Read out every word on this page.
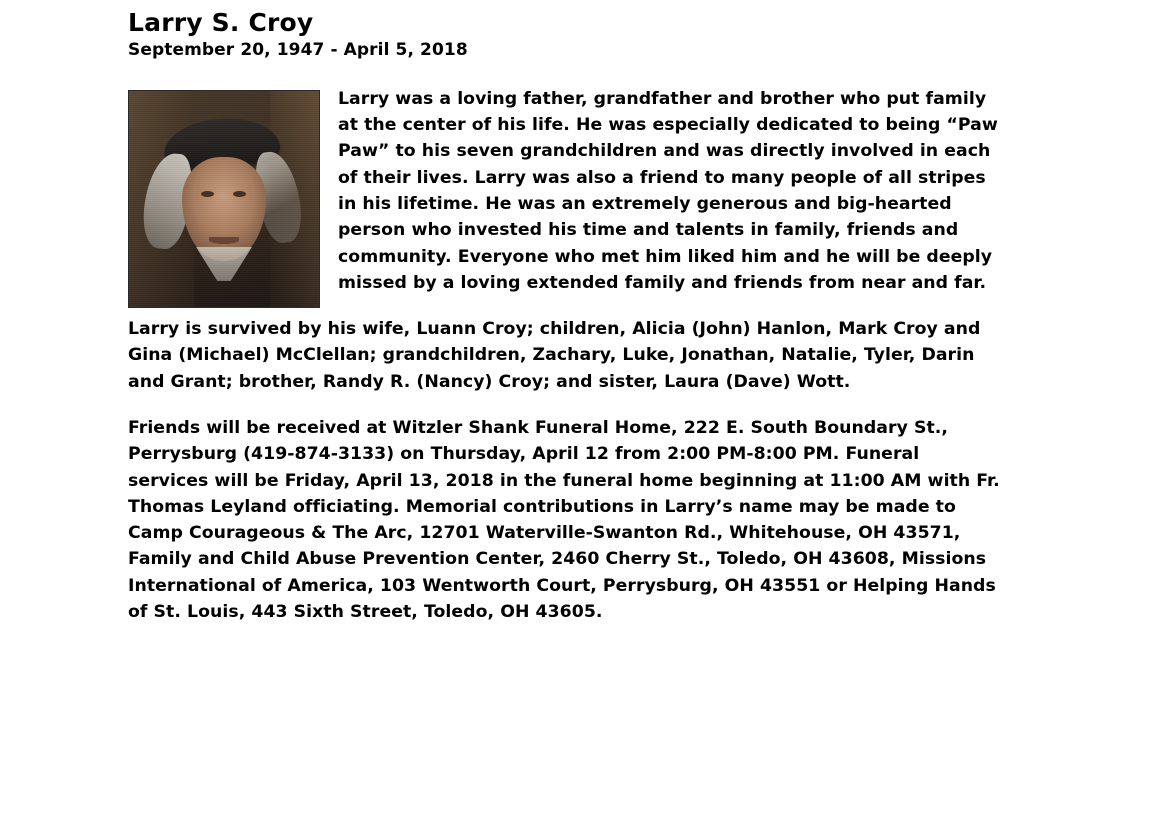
Larry S. Croy
September 20, 1947 - April 5, 2018

Larry was a loving father, grandfather and brother who put family at the center of his life. He was especially dedicated to being “Paw Paw” to his seven grandchildren and was directly involved in each of their lives. Larry was also a friend to many people of all stripes in his lifetime. He was an extremely generous and big-hearted person who invested his time and talents in family, friends and community. Everyone who met him liked him and he will be deeply missed by a loving extended family and friends from near and far.

Larry is survived by his wife, Luann Croy; children, Alicia (John) Hanlon, Mark Croy and Gina (Michael) McClellan; grandchildren, Zachary, Luke, Jonathan, Natalie, Tyler, Darin and Grant; brother, Randy R. (Nancy) Croy; and sister, Laura (Dave) Wott.

Friends will be received at Witzler Shank Funeral Home, 222 E. South Boundary St., Perrysburg (419-874-3133) on Thursday, April 12 from 2:00 PM-8:00 PM. Funeral services will be Friday, April 13, 2018 in the funeral home beginning at 11:00 AM with Fr. Thomas Leyland officiating. Memorial contributions in Larry’s name may be made to Camp Courageous & The Arc, 12701 Waterville-Swanton Rd., Whitehouse, OH 43571, Family and Child Abuse Prevention Center, 2460 Cherry St., Toledo, OH 43608, Missions International of America, 103 Wentworth Court, Perrysburg, OH 43551 or Helping Hands of St. Louis, 443 Sixth Street, Toledo, OH 43605.
